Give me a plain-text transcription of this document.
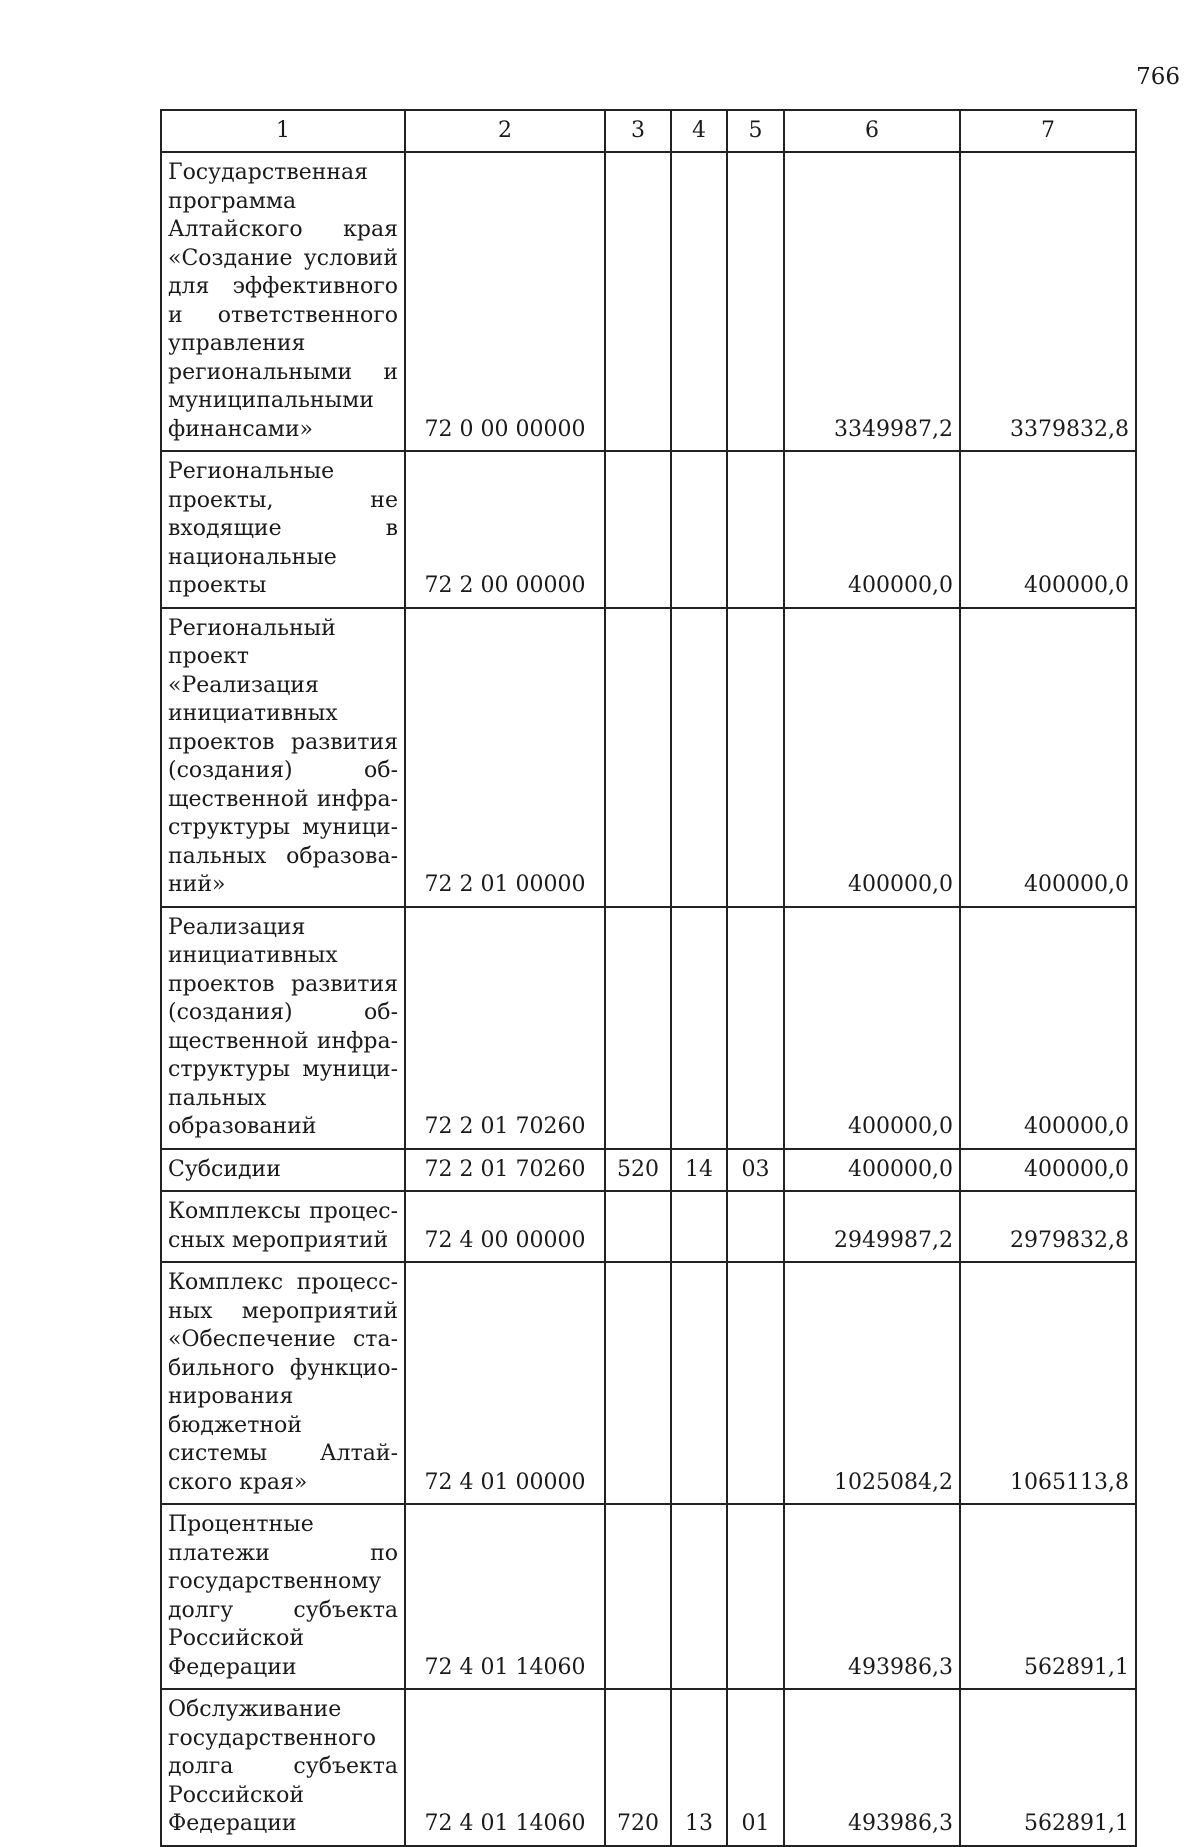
766
1	2	3	4	5	6	7
Государственная программа Алтайского края «Создание условий для эффективного и ответственного управления региональными и муниципальными финансами»	72 0 00 00000				3349987,2	3379832,8
Региональные проекты, не входящие в национальные проекты	72 2 00 00000				400000,0	400000,0
Региональный проект «Реализация инициативных проектов развития (создания) общественной инфраструктуры муниципальных образований»	72 2 01 00000				400000,0	400000,0
Реализация инициативных проектов развития (создания) общественной инфраструктуры муниципальных образований	72 2 01 70260				400000,0	400000,0
Субсидии	72 2 01 70260	520	14	03	400000,0	400000,0
Комплексы процессных мероприятий	72 4 00 00000				2949987,2	2979832,8
Комплекс процессных мероприятий «Обеспечение стабильного функционирования бюджетной системы Алтайского края»	72 4 01 00000				1025084,2	1065113,8
Процентные платежи по государственному долгу субъекта Российской Федерации	72 4 01 14060				493986,3	562891,1
Обслуживание государственного долга субъекта Российской Федерации	72 4 01 14060	720	13	01	493986,3	562891,1
